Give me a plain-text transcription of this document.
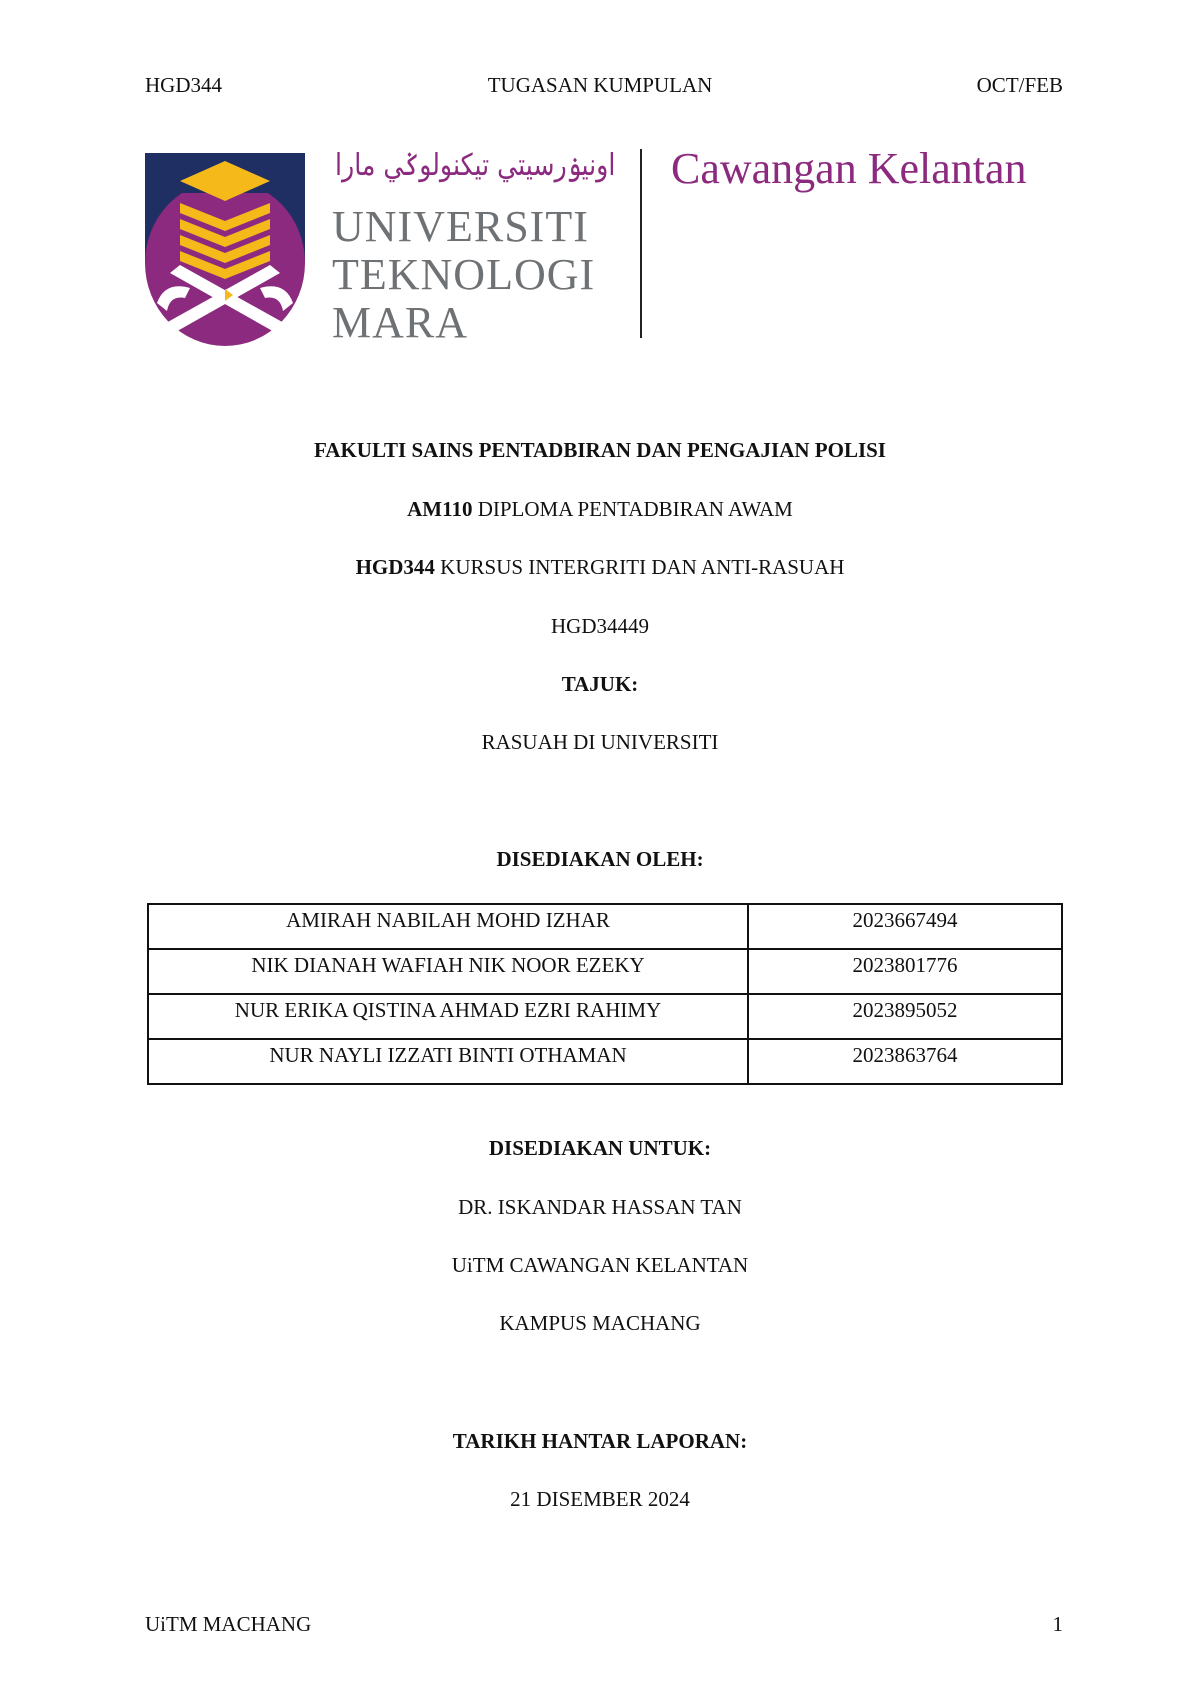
HGD344	TUGASAN KUMPULAN	OCT/FEB
اونيۏرسيتي تيكنولوݢي مارا
UNIVERSITI
TEKNOLOGI
MARA
Cawangan Kelantan
FAKULTI SAINS PENTADBIRAN DAN PENGAJIAN POLISI
AM110 DIPLOMA PENTADBIRAN AWAM
HGD344 KURSUS INTERGRITI DAN ANTI-RASUAH
HGD34449
TAJUK:
RASUAH DI UNIVERSITI
DISEDIAKAN OLEH:
AMIRAH NABILAH MOHD IZHAR	2023667494
NIK DIANAH WAFIAH NIK NOOR EZEKY	2023801776
NUR ERIKA QISTINA AHMAD EZRI RAHIMY	2023895052
NUR NAYLI IZZATI BINTI OTHAMAN	2023863764
DISEDIAKAN UNTUK:
DR. ISKANDAR HASSAN TAN
UiTM CAWANGAN KELANTAN
KAMPUS MACHANG
TARIKH HANTAR LAPORAN:
21 DISEMBER 2024
UiTM MACHANG	1
